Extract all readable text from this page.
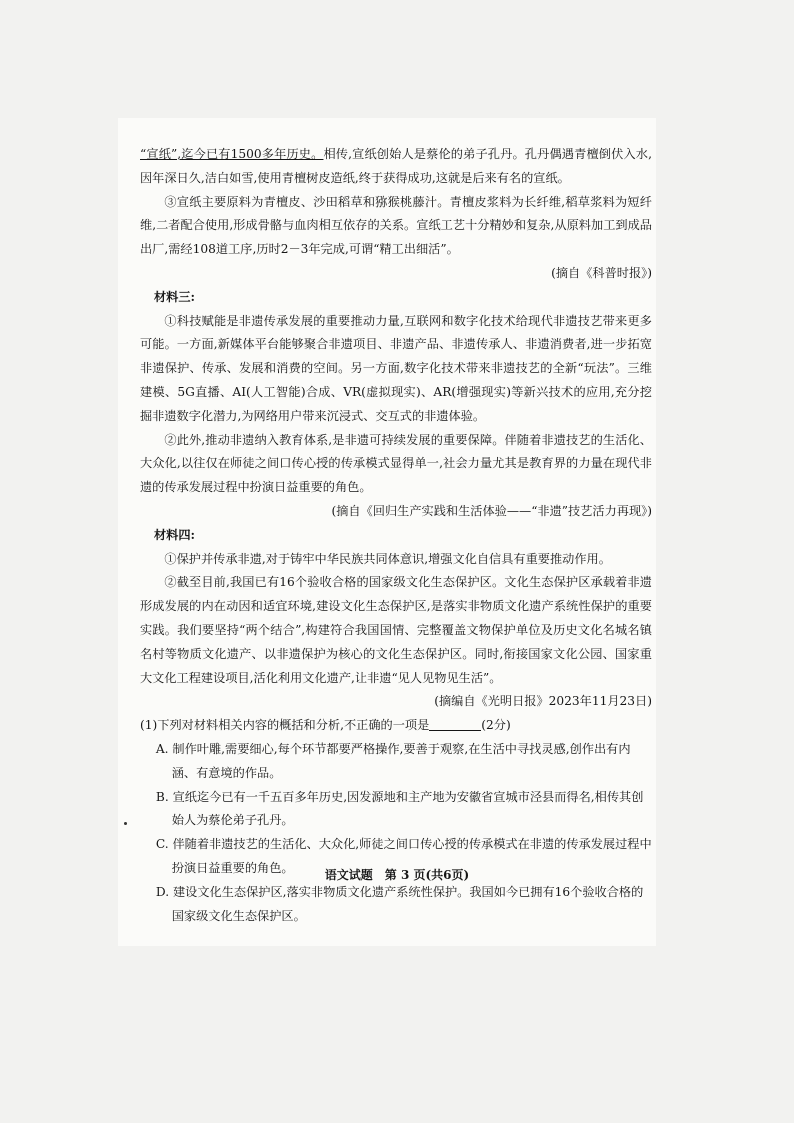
“宣纸”,迄今已有1500多年历史。相传,宣纸创始人是蔡伦的弟子孔丹。孔丹偶遇青檀倒伏入水,因年深日久,洁白如雪,使用青檀树皮造纸,终于获得成功,这就是后来有名的宣纸。

③宣纸主要原料为青檀皮、沙田稻草和猕猴桃藤汁。青檀皮浆料为长纤维,稻草浆料为短纤维,二者配合使用,形成骨骼与血肉相互依存的关系。宣纸工艺十分精妙和复杂,从原料加工到成品出厂,需经108道工序,历时2－3年完成,可谓“精工出细活”。

(摘自《科普时报》)

材料三:

①科技赋能是非遗传承发展的重要推动力量,互联网和数字化技术给现代非遗技艺带来更多可能。一方面,新媒体平台能够聚合非遗项目、非遗产品、非遗传承人、非遗消费者,进一步拓宽非遗保护、传承、发展和消费的空间。另一方面,数字化技术带来非遗技艺的全新“玩法”。三维建模、5G直播、AI(人工智能)合成、VR(虚拟现实)、AR(增强现实)等新兴技术的应用,充分挖掘非遗数字化潜力,为网络用户带来沉浸式、交互式的非遗体验。

②此外,推动非遗纳入教育体系,是非遗可持续发展的重要保障。伴随着非遗技艺的生活化、大众化,以往仅在师徒之间口传心授的传承模式显得单一,社会力量尤其是教育界的力量在现代非遗的传承发展过程中扮演日益重要的角色。

(摘自《回归生产实践和生活体验——“非遗”技艺活力再现》)

材料四:

①保护并传承非遗,对于铸牢中华民族共同体意识,增强文化自信具有重要推动作用。

②截至目前,我国已有16个验收合格的国家级文化生态保护区。文化生态保护区承载着非遗形成发展的内在动因和适宜环境,建设文化生态保护区,是落实非物质文化遗产系统性保护的重要实践。我们要坚持“两个结合”,构建符合我国国情、完整覆盖文物保护单位及历史文化名城名镇名村等物质文化遗产、以非遗保护为核心的文化生态保护区。同时,衔接国家文化公园、国家重大文化工程建设项目,活化利用文化遗产,让非遗“见人见物见生活”。

(摘编自《光明日报》2023年11月23日)

(1)下列对材料相关内容的概括和分析,不正确的一项是	(2分)

A. 制作叶雕,需要细心,每个环节都要严格操作,要善于观察,在生活中寻找灵感,创作出有内涵、有意境的作品。

B. 宣纸迄今已有一千五百多年历史,因发源地和主产地为安徽省宣城市泾县而得名,相传其创始人为蔡伦弟子孔丹。

C. 伴随着非遗技艺的生活化、大众化,师徒之间口传心授的传承模式在非遗的传承发展过程中扮演日益重要的角色。

D. 建设文化生态保护区,落实非物质文化遗产系统性保护。我国如今已拥有16个验收合格的国家级文化生态保护区。

语文试题　第 3 页(共6页)
